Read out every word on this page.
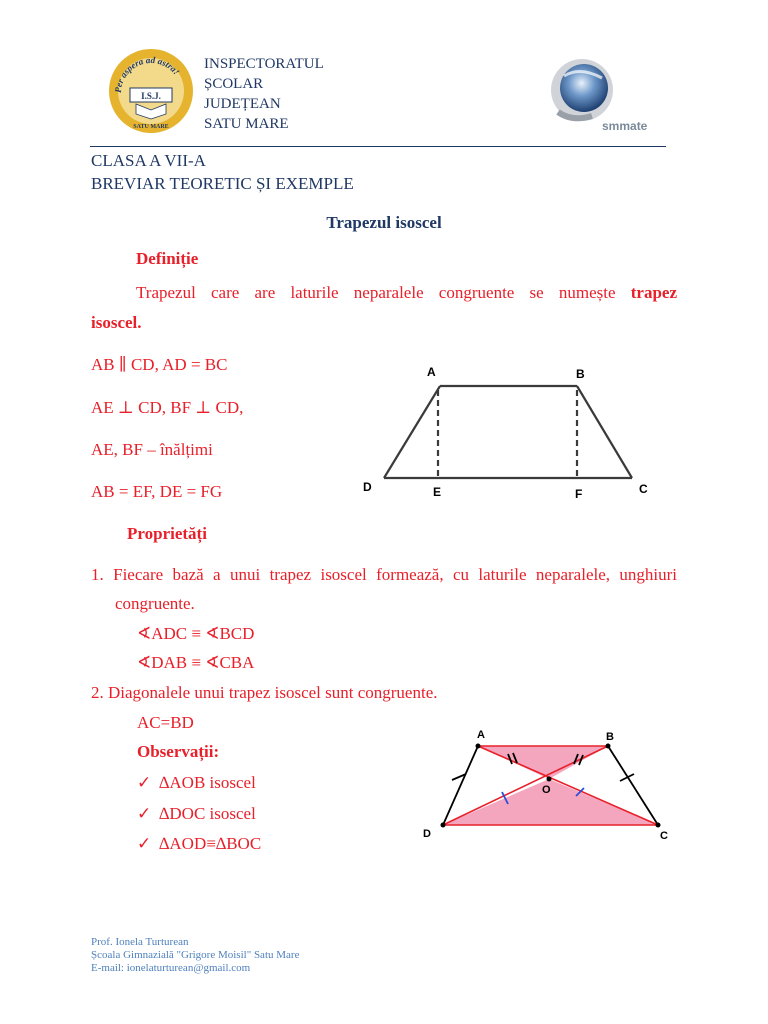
Per aspera ad astra!
I.S.J.
SATU MARE
INSPECTORATUL
ȘCOLAR
JUDEȚEAN
SATU MARE	smmate
CLASA A VII-A
BREVIAR TEORETIC ȘI EXEMPLE
Trapezul isoscel
Definiție
Trapezul care are laturile neparalele congruente se numește trapez
isoscel.
AB ∥ CD, AD = BC
AE ⊥ CD, BF ⊥ CD,
AE, BF – înălțimi
AB = EF, DE = FG
A	B
C
D	E	F
Proprietăți
1. Fiecare bază a unui trapez isoscel formează, cu laturile neparalele, unghiuri
congruente.
∢ADC ≡ ∢BCD
∢DAB ≡ ∢CBA
2. Diagonalele unui trapez isoscel sunt congruente.
AC=BD
Observații:
✓ ∆AOB isoscel
✓ ∆DOC isoscel
✓ ∆AOD≡∆BOC
A	B
C
D
O
Prof. Ionela Turturean
Școala Gimnazială "Grigore Moisil" Satu Mare
E-mail: ionelaturturean@gmail.com
